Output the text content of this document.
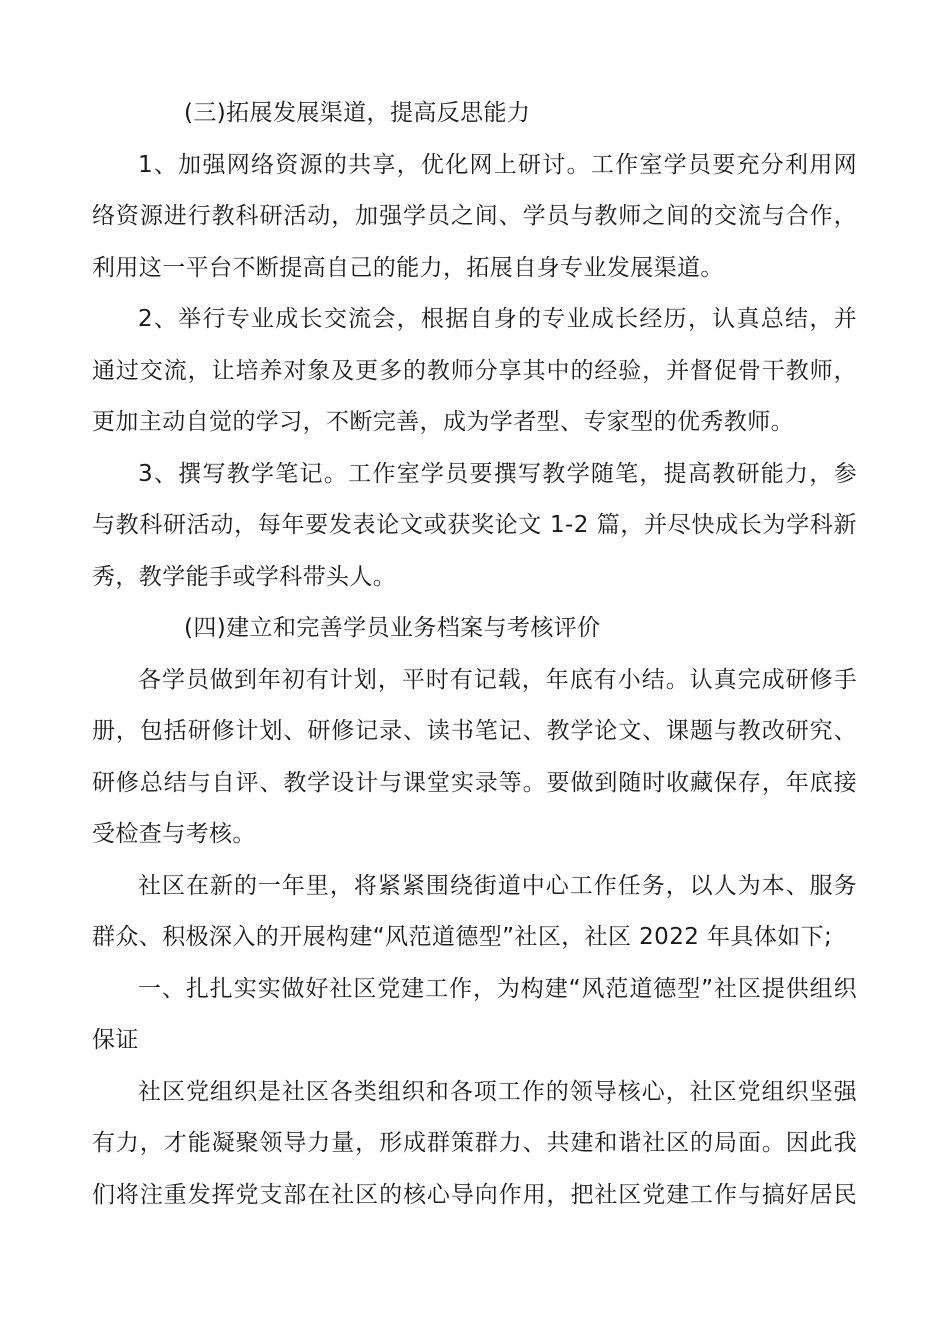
(三)拓展发展渠道，提高反思能力

1、加强网络资源的共享，优化网上研讨。工作室学员要充分利用网
络资源进行教科研活动，加强学员之间、学员与教师之间的交流与合作，
利用这一平台不断提高自己的能力，拓展自身专业发展渠道。

2、举行专业成长交流会，根据自身的专业成长经历，认真总结，并
通过交流，让培养对象及更多的教师分享其中的经验，并督促骨干教师，
更加主动自觉的学习，不断完善，成为学者型、专家型的优秀教师。

3、撰写教学笔记。工作室学员要撰写教学随笔，提高教研能力，参
与教科研活动，每年要发表论文或获奖论文 1-2 篇，并尽快成长为学科新
秀，教学能手或学科带头人。

(四)建立和完善学员业务档案与考核评价

各学员做到年初有计划，平时有记载，年底有小结。认真完成研修手
册，包括研修计划、研修记录、读书笔记、教学论文、课题与教改研究、
研修总结与自评、教学设计与课堂实录等。要做到随时收藏保存，年底接
受检查与考核。

社区在新的一年里，将紧紧围绕街道中心工作任务，以人为本、服务
群众、积极深入的开展构建“风范道德型”社区，社区 2022 年具体如下;

一、扎扎实实做好社区党建工作，为构建“风范道德型”社区提供组织
保证

社区党组织是社区各类组织和各项工作的领导核心，社区党组织坚强
有力，才能凝聚领导力量，形成群策群力、共建和谐社区的局面。因此我
们将注重发挥党支部在社区的核心导向作用，把社区党建工作与搞好居民
